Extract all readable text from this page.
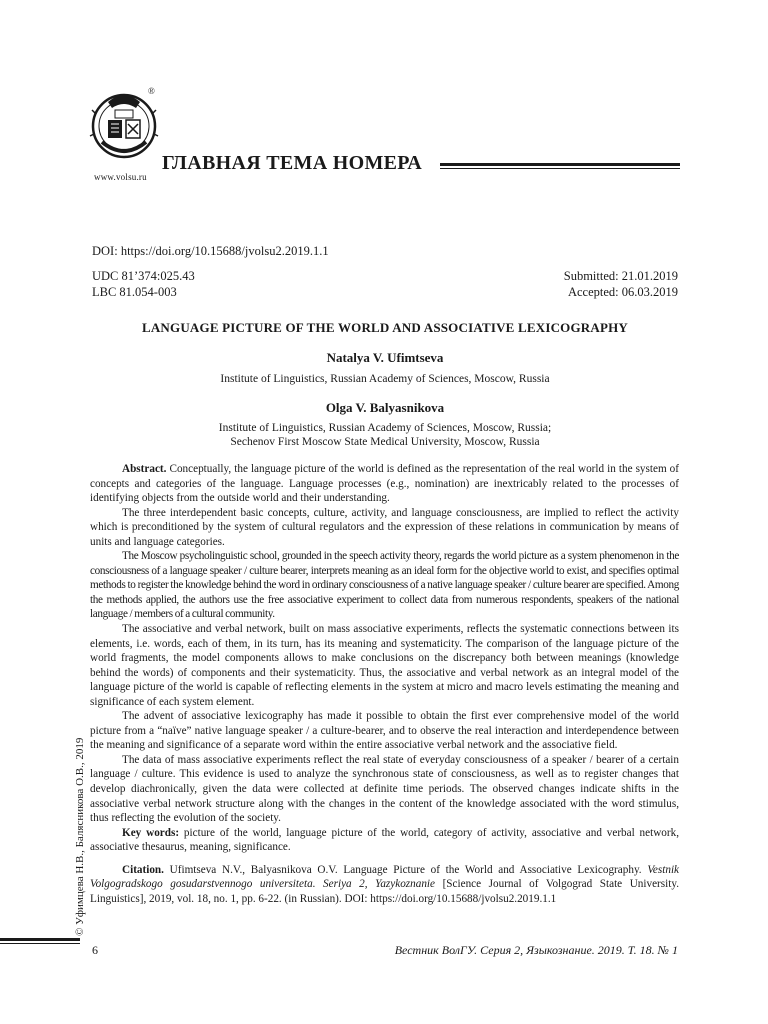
®
www.volsu.ru
ГЛАВНАЯ ТЕМА НОМЕРА
DOI: https://doi.org/10.15688/jvolsu2.2019.1.1
UDC 81’374:025.43
LBC 81.054-003
Submitted: 21.01.2019
Accepted: 06.03.2019
LANGUAGE PICTURE OF THE WORLD AND ASSOCIATIVE LEXICOGRAPHY
Natalya V. Ufimtseva
Institute of Linguistics, Russian Academy of Sciences, Moscow, Russia
Olga V. Balyasnikova
Institute of Linguistics, Russian Academy of Sciences, Moscow, Russia;
Sechenov First Moscow State Medical University, Moscow, Russia

Abstract. Conceptually, the language picture of the world is defined as the representation of the real world in the system of concepts and categories of the language. Language processes (e.g., nomination) are inextricably related to the processes of identifying objects from the outside world and their understanding.

The three interdependent basic concepts, culture, activity, and language consciousness, are implied to reflect the activity which is preconditioned by the system of cultural regulators and the expression of these relations in communication by means of units and language categories.

The Moscow psycholinguistic school, grounded in the speech activity theory, regards the world picture as a system phenomenon in the consciousness of a language speaker / culture bearer, interprets meaning as an ideal form for the objective world to exist, and specifies optimal methods to register the knowledge behind the word in ordinary consciousness of a native language speaker / culture bearer are specified. Among the methods applied, the authors use the free associative experiment to collect data from numerous respondents, speakers of the national language / members of a cultural community.

The associative and verbal network, built on mass associative experiments, reflects the systematic connections between its elements, i.e. words, each of them, in its turn, has its meaning and systematicity. The comparison of the language picture of the world fragments, the model components allows to make conclusions on the discrepancy both between meanings (knowledge behind the words) of components and their systematicity. Thus, the associative and verbal network as an integral model of the language picture of the world is capable of reflecting elements in the system at micro and macro levels estimating the meaning and significance of each system element.

The advent of associative lexicography has made it possible to obtain the first ever comprehensive model of the world picture from a “naïve” native language speaker / a culture-bearer, and to observe the real interaction and interdependence between the meaning and significance of a separate word within the entire associative verbal network and the associative field.

The data of mass associative experiments reflect the real state of everyday consciousness of a speaker / bearer of a certain language / culture. This evidence is used to analyze the synchronous state of consciousness, as well as to register changes that develop diachronically, given the data were collected at definite time periods. The observed changes indicate shifts in the associative verbal network structure along with the changes in the content of the knowledge associated with the word stimulus, thus reflecting the evolution of the society.

Key words: picture of the world, language picture of the world, category of activity, associative and verbal network, associative thesaurus, meaning, significance.

Citation. Ufimtseva N.V., Balyasnikova O.V. Language Picture of the World and Associative Lexicography. Vestnik Volgogradskogo gosudarstvennogo universiteta. Seriya 2, Yazykoznanie [Science Journal of Volgograd State University. Linguistics], 2019, vol. 18, no. 1, pp. 6-22. (in Russian). DOI: https://doi.org/10.15688/jvolsu2.2019.1.1

© Уфимцева Н.В., Балясникова О.В., 2019
6	Вестник ВолГУ. Серия 2, Языкознание. 2019. Т. 18. № 1
